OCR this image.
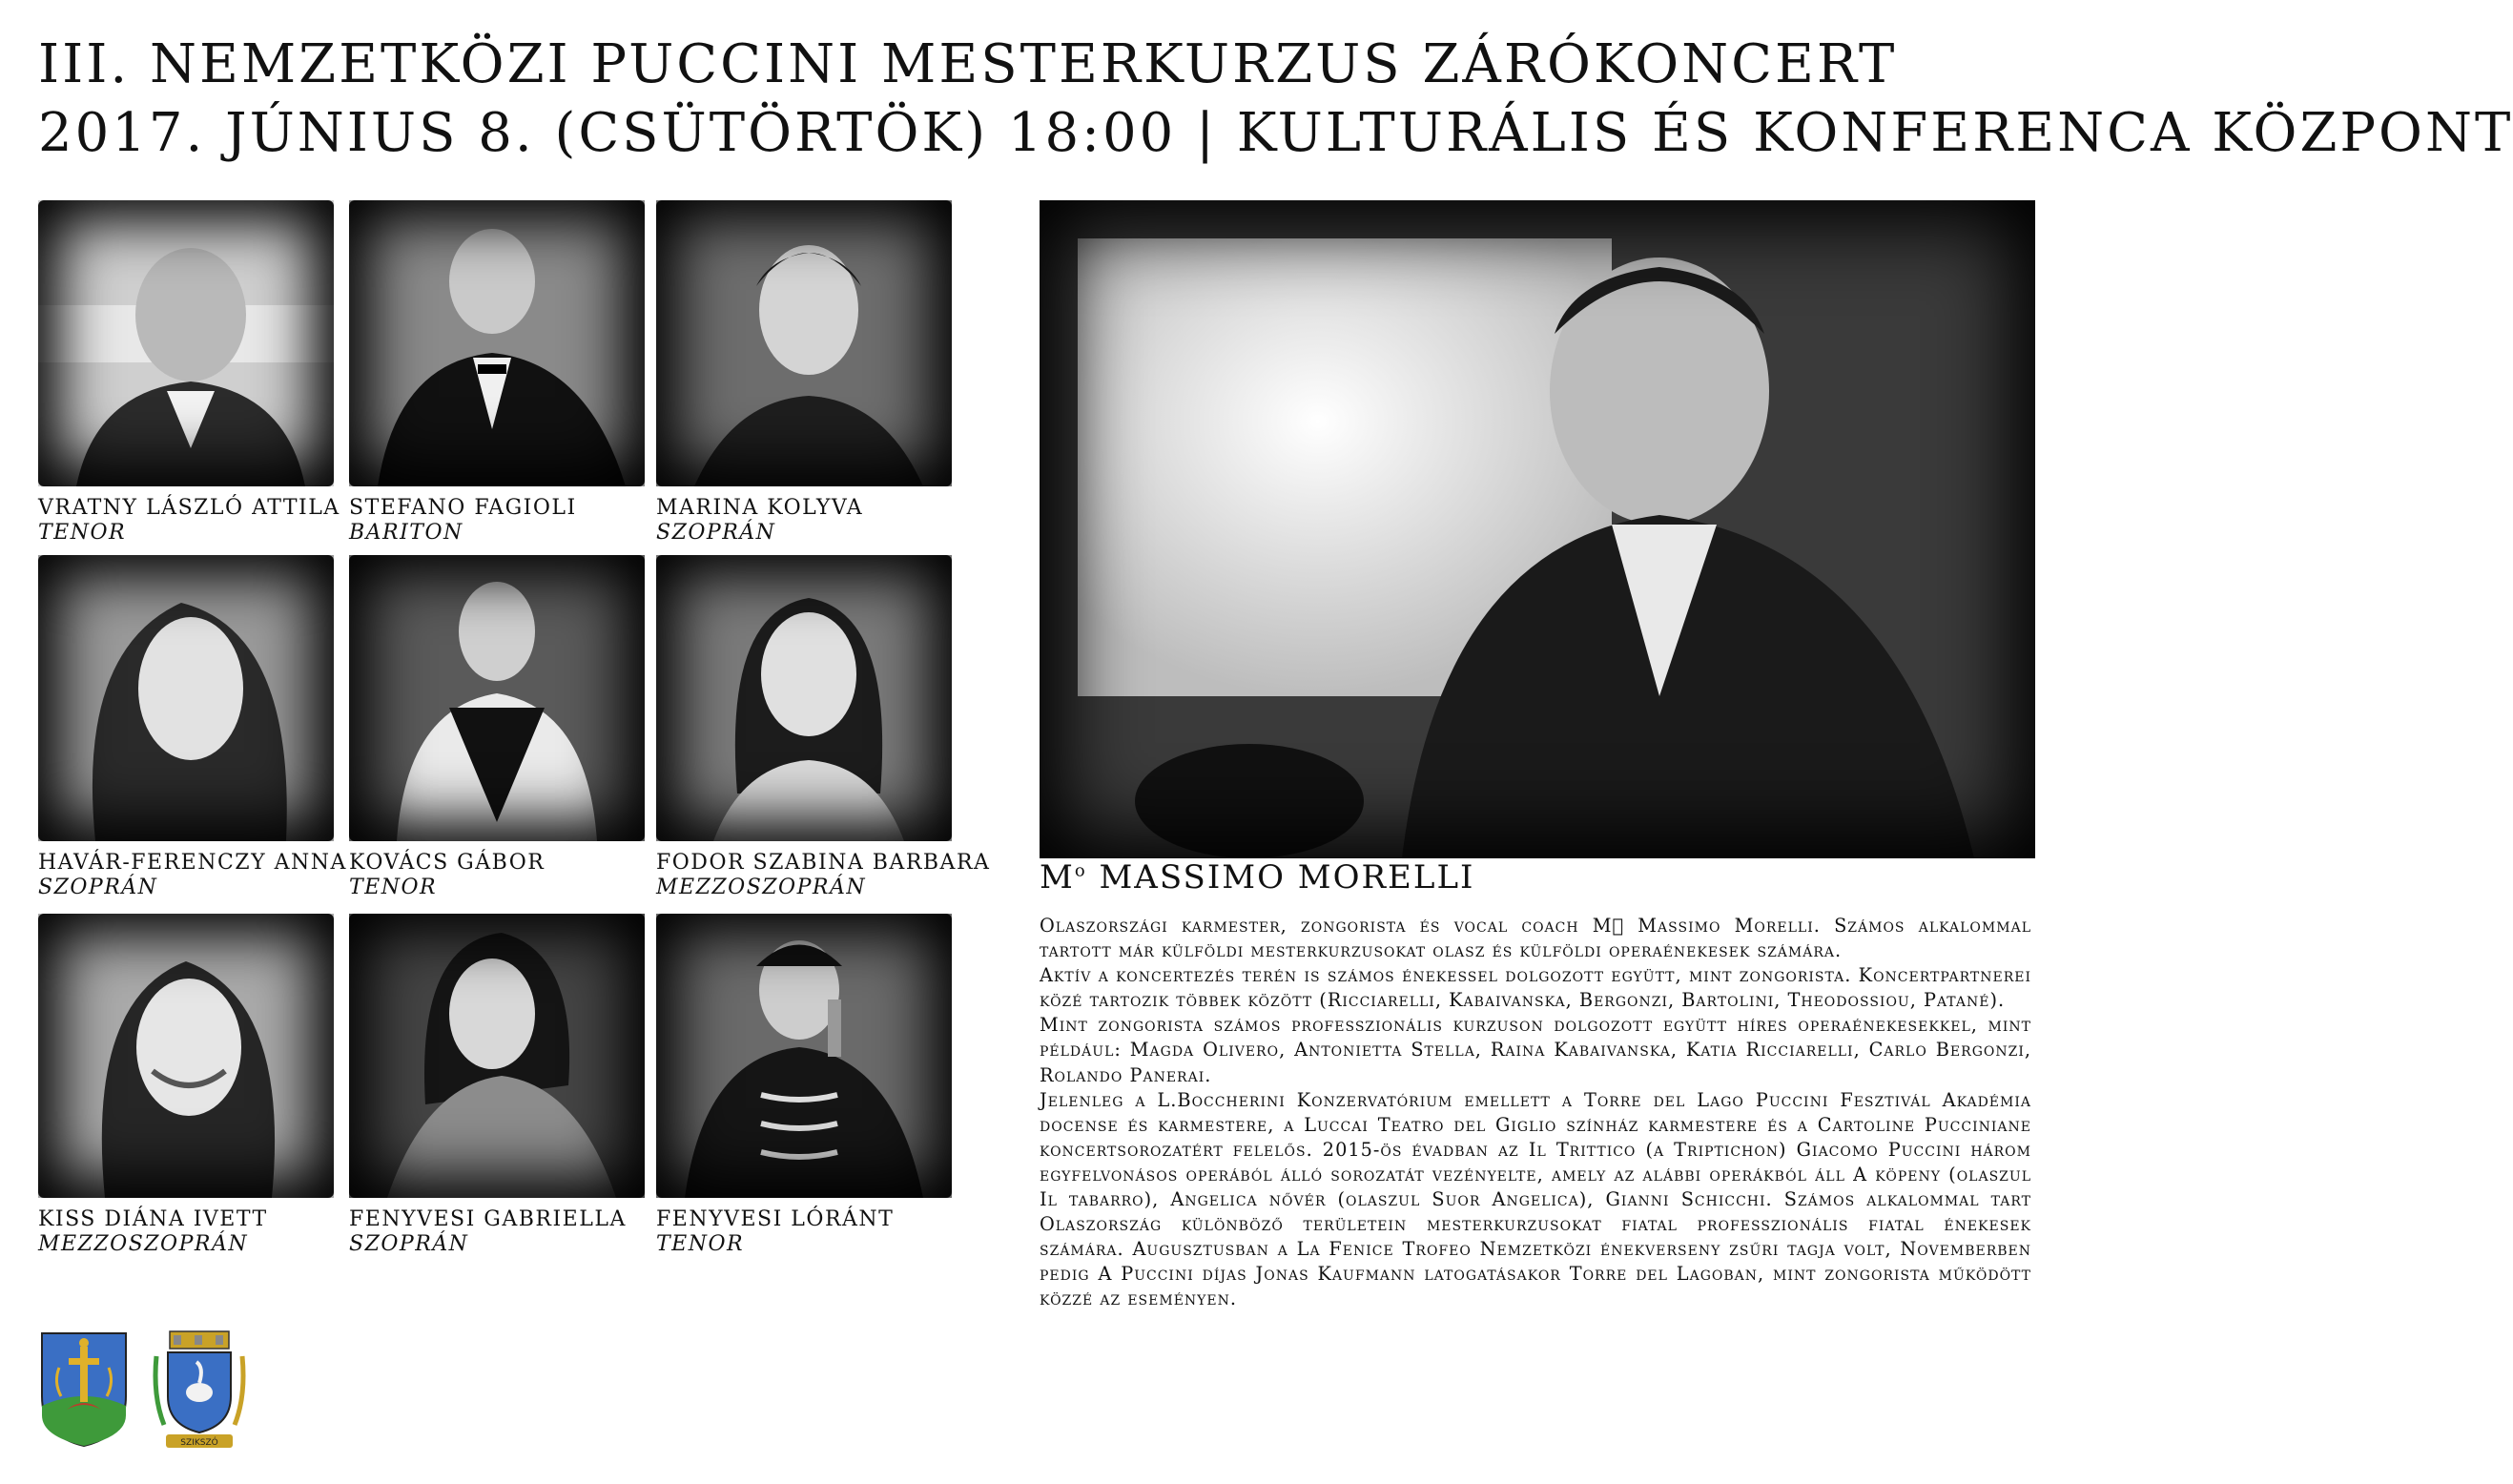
III. NEMZETKÖZI PUCCINI MESTERKURZUS ZÁRÓKONCERT
2017. JÚNIUS 8. (CSÜTÖRTÖK) 18:00 | KULTURÁLIS ÉS KONFERENCA KÖZPONT
VRATNY LÁSZLÓ ATTILA
TENOR
STEFANO FAGIOLI
BARITON
MARINA KOLYVA
SZOPRÁN
HAVÁR-FERENCZY ANNA
SZOPRÁN
KOVÁCS GÁBOR
TENOR
FODOR SZABINA BARBARA
MEZZOSZOPRÁN
KISS DIÁNA IVETT
MEZZOSZOPRÁN
FENYVESI GABRIELLA
SZOPRÁN
FENYVESI LÓRÁNT
TENOR
$M^o$ MASSIMO MORELLI

Olaszországi karmester, zongorista és vocal coach M  Massimo Morelli. Számos alkalommal tartott már külföldi mesterkurzusokat olasz és külföldi operaénekesek számára.

Aktív a koncertezés terén is számos énekessel dolgozott együtt, mint zongorista. Koncertpartnerei közé tartozik többek között (Ricciarelli, Kabaivanska, Bergonzi, Bartolini, Theodossiou, Patané).

Mint zongorista számos professzionális kurzuson dolgozott együtt híres operaénekesekkel, mint például: Magda Olivero, Antonietta Stella, Raina Kabaivanska, Katia Ricciarelli, Carlo Bergonzi, Rolando Panerai.

Jelenleg a L.Boccherini Konzervatórium emellett a Torre del Lago Puccini Fesztivál Akadémia docense és karmestere, a Luccai Teatro del Giglio színház karmestere és a Cartoline Pucciniane koncertsorozatért felelős. 2015-ös évadban az Il Trittico (a Triptichon) Giacomo Puccini három egyfelvonásos operából álló sorozatát vezényelte, amely az alábbi operákból áll A köpeny (olaszul Il tabarro), Angelica nővér (olaszul Suor Angelica), Gianni Schicchi. Számos alkalommal tart Olaszország különböző területein mesterkurzusokat fiatal professzionális fiatal énekesek számára. Augusztusban a La Fenice Trofeo Nemzetközi énekverseny zsűri tagja volt, Novemberben pedig A Puccini díjas Jonas Kaufmann latogatásakor Torre del Lagoban, mint zongorista működött közzé az eseményen.

SZIKSZÓ
